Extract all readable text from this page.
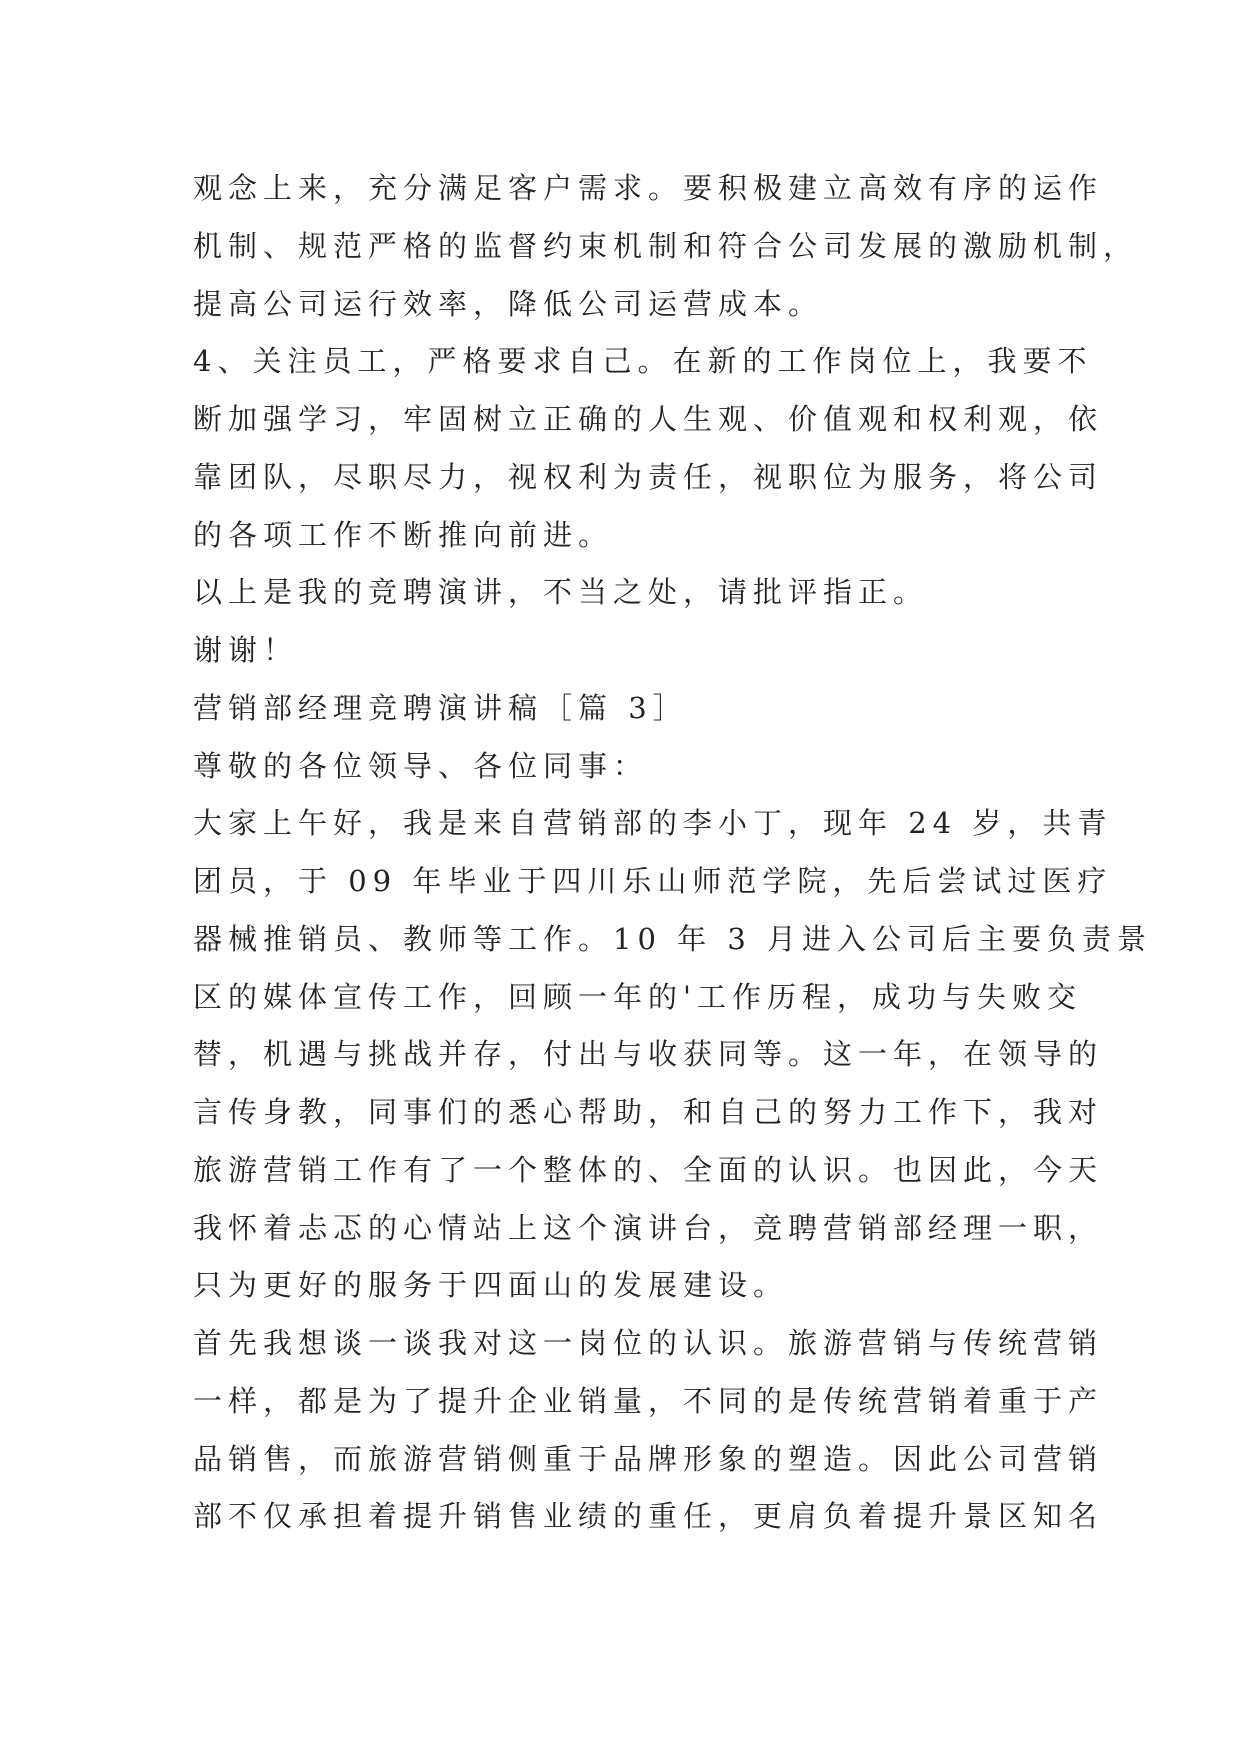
观念上来，充分满足客户需求。要积极建立高效有序的运作

机制、规范严格的监督约束机制和符合公司发展的激励机制，

提高公司运行效率，降低公司运营成本。

4、关注员工，严格要求自己。在新的工作岗位上，我要不

断加强学习，牢固树立正确的人生观、价值观和权利观，依

靠团队，尽职尽力，视权利为责任，视职位为服务，将公司

的各项工作不断推向前进。

以上是我的竞聘演讲，不当之处，请批评指正。

谢谢！

营销部经理竞聘演讲稿［篇 3］

尊敬的各位领导、各位同事：

大家上午好，我是来自营销部的李小丁，现年 24 岁，共青

团员，于 09 年毕业于四川乐山师范学院，先后尝试过医疗

器械推销员、教师等工作。10 年 3 月进入公司后主要负责景

区的媒体宣传工作，回顾一年的'工作历程，成功与失败交

替，机遇与挑战并存，付出与收获同等。这一年，在领导的

言传身教，同事们的悉心帮助，和自己的努力工作下，我对

旅游营销工作有了一个整体的、全面的认识。也因此，今天

我怀着忐忑的心情站上这个演讲台，竞聘营销部经理一职，

只为更好的服务于四面山的发展建设。

首先我想谈一谈我对这一岗位的认识。旅游营销与传统营销

一样，都是为了提升企业销量，不同的是传统营销着重于产

品销售，而旅游营销侧重于品牌形象的塑造。因此公司营销

部不仅承担着提升销售业绩的重任，更肩负着提升景区知名
